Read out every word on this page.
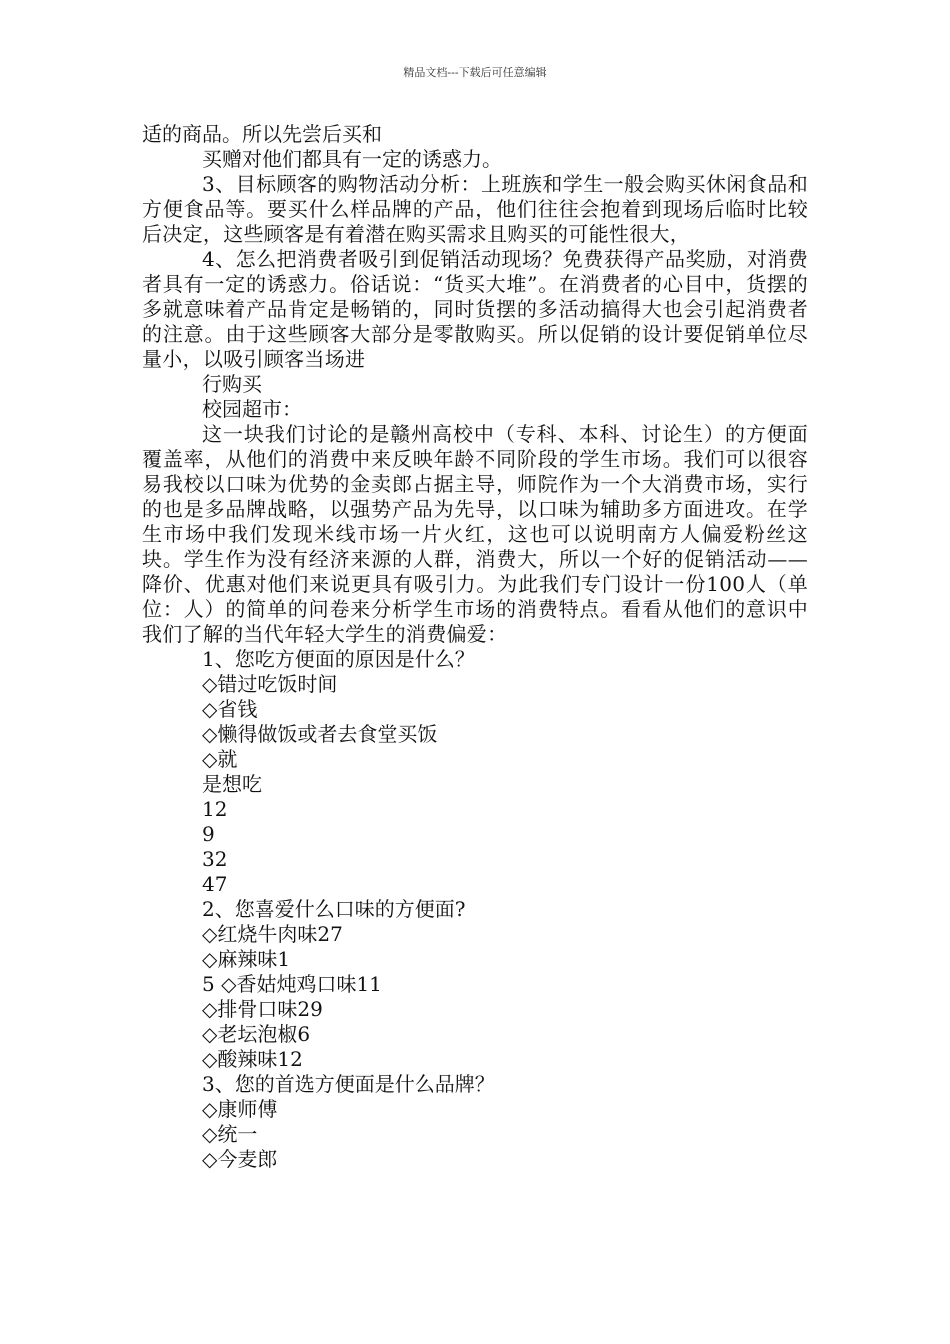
精品文档---下载后可任意编辑
适的商品。所以先尝后买和
买赠对他们都具有一定的诱惑力。
3、目标顾客的购物活动分析：上班族和学生一般会购买休闲食品和方便食品等。要买什么样品牌的产品，他们往往会抱着到现场后临时比较后决定，这些顾客是有着潜在购买需求且购买的可能性很大，
4、怎么把消费者吸引到促销活动现场？免费获得产品奖励，对消费者具有一定的诱惑力。俗话说：“货买大堆”。在消费者的心目中，货摆的多就意味着产品肯定是畅销的，同时货摆的多活动搞得大也会引起消费者的注意。由于这些顾客大部分是零散购买。所以促销的设计要促销单位尽量小，以吸引顾客当场进
行购买
校园超市：
这一块我们讨论的是赣州高校中（专科、本科、讨论生）的方便面覆盖率，从他们的消费中来反映年龄不同阶段的学生市场。我们可以很容易我校以口味为优势的金卖郎占据主导，师院作为一个大消费市场，实行的也是多品牌战略，以强势产品为先导，以口味为辅助多方面进攻。在学生市场中我们发现米线市场一片火红，这也可以说明南方人偏爱粉丝这块。学生作为没有经济来源的人群，消费大，所以一个好的促销活动——降价、优惠对他们来说更具有吸引力。为此我们专门设计一份100人（单位：人）的简单的问卷来分析学生市场的消费特点。看看从他们的意识中我们了解的当代年轻大学生的消费偏爱：
1、您吃方便面的原因是什么？
◇错过吃饭时间
◇省钱
◇懒得做饭或者去食堂买饭
◇就
是想吃
12
9
32
47
2、您喜爱什么口味的方便面?
◇红烧牛肉味27
◇麻辣味1
5 ◇香姑炖鸡口味11
◇排骨口味29
◇老坛泡椒6
◇酸辣味12
3、您的首选方便面是什么品牌？
◇康师傅
◇统一
◇今麦郎
